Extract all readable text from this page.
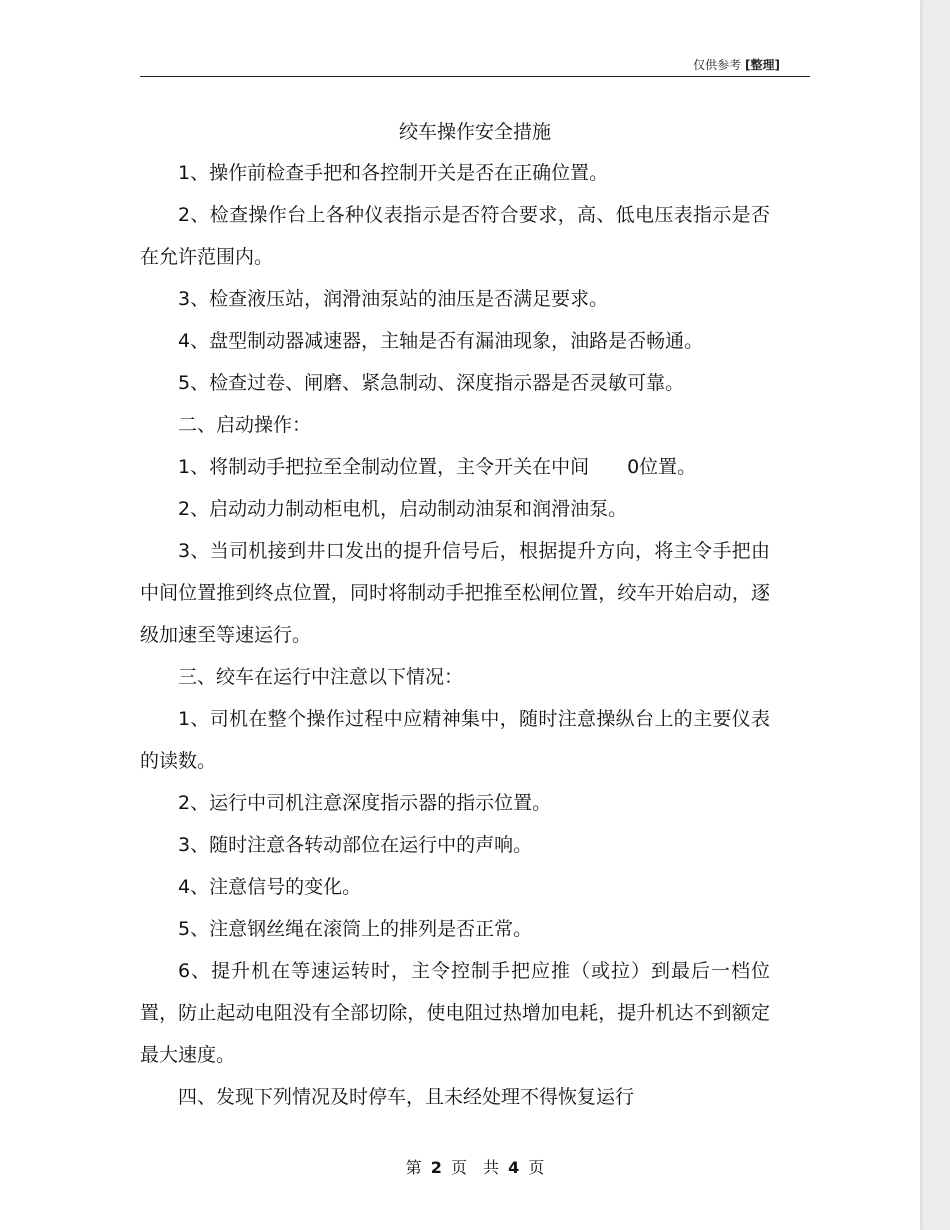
仅供参考 [整理]
绞车操作安全措施

1、操作前检查手把和各控制开关是否在正确位置。

2、检查操作台上各种仪表指示是否符合要求，高、低电压表指示是否在允许范围内。

3、检查液压站，润滑油泵站的油压是否满足要求。

4、盘型制动器减速器，主轴是否有漏油现象，油路是否畅通。

5、检查过卷、闸磨、紧急制动、深度指示器是否灵敏可靠。

二、启动操作：

1、将制动手把拉至全制动位置，主令开关在中间　　0位置。

2、启动动力制动柜电机，启动制动油泵和润滑油泵。

3、当司机接到井口发出的提升信号后，根据提升方向，将主令手把由中间位置推到终点位置，同时将制动手把推至松闸位置，绞车开始启动，逐级加速至等速运行。

三、绞车在运行中注意以下情况：

1、司机在整个操作过程中应精神集中，随时注意操纵台上的主要仪表的读数。

2、运行中司机注意深度指示器的指示位置。

3、随时注意各转动部位在运行中的声响。

4、注意信号的变化。

5、注意钢丝绳在滚筒上的排列是否正常。

6、提升机在等速运转时，主令控制手把应推（或拉）到最后一档位置，防止起动电阻没有全部切除，使电阻过热增加电耗，提升机达不到额定最大速度。

四、发现下列情况及时停车，且未经处理不得恢复运行

第 2 页　共 4 页
